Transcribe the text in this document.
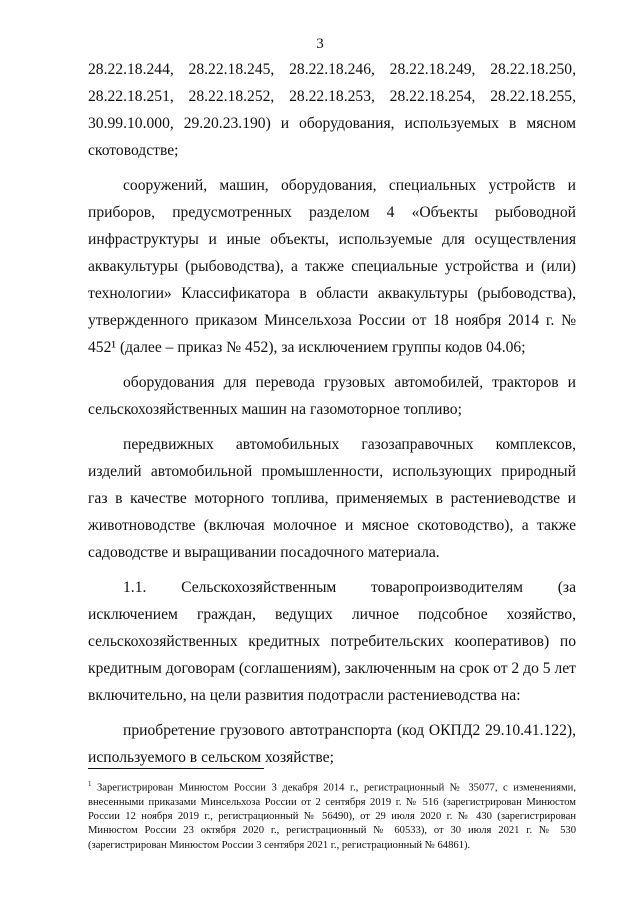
3

28.22.18.244, 28.22.18.245, 28.22.18.246, 28.22.18.249, 28.22.18.250, 28.22.18.251, 28.22.18.252, 28.22.18.253, 28.22.18.254, 28.22.18.255, 30.99.10.000, 29.20.23.190) и оборудования, используемых в мясном скотоводстве;

сооружений, машин, оборудования, специальных устройств и приборов, предусмотренных разделом 4 «Объекты рыбоводной инфраструктуры и иные объекты, используемые для осуществления аквакультуры (рыбоводства), а также специальные устройства и (или) технологии» Классификатора в области аквакультуры (рыбоводства), утвержденного приказом Минсельхоза России от 18 ноября 2014 г. № 452¹ (далее – приказ № 452), за исключением группы кодов 04.06;

оборудования для перевода грузовых автомобилей, тракторов и сельскохозяйственных машин на газомоторное топливо;

передвижных автомобильных газозаправочных комплексов, изделий автомобильной промышленности, использующих природный газ в качестве моторного топлива, применяемых в растениеводстве и животноводстве (включая молочное и мясное скотоводство), а также садоводстве и выращивании посадочного материала.

1.1. Сельскохозяйственным товаропроизводителям (за исключением граждан, ведущих личное подсобное хозяйство, сельскохозяйственных кредитных потребительских кооперативов) по кредитным договорам (соглашениям), заключенным на срок от 2 до 5 лет включительно, на цели развития подотрасли растениеводства на:

приобретение грузового автотранспорта (код ОКПД2 29.10.41.122), используемого в сельском хозяйстве;

$^1$ Зарегистрирован Минюстом России 3 декабря 2014 г., регистрационный № 35077, с изменениями, внесенными приказами Минсельхоза России от 2 сентября 2019 г. № 516 (зарегистрирован Минюстом России 12 ноября 2019 г., регистрационный № 56490), от 29 июля 2020 г. № 430 (зарегистрирован Минюстом России 23 октября 2020 г., регистрационный № 60533), от 30 июля 2021 г. № 530 (зарегистрирован Минюстом России 3 сентября 2021 г., регистрационный № 64861).
